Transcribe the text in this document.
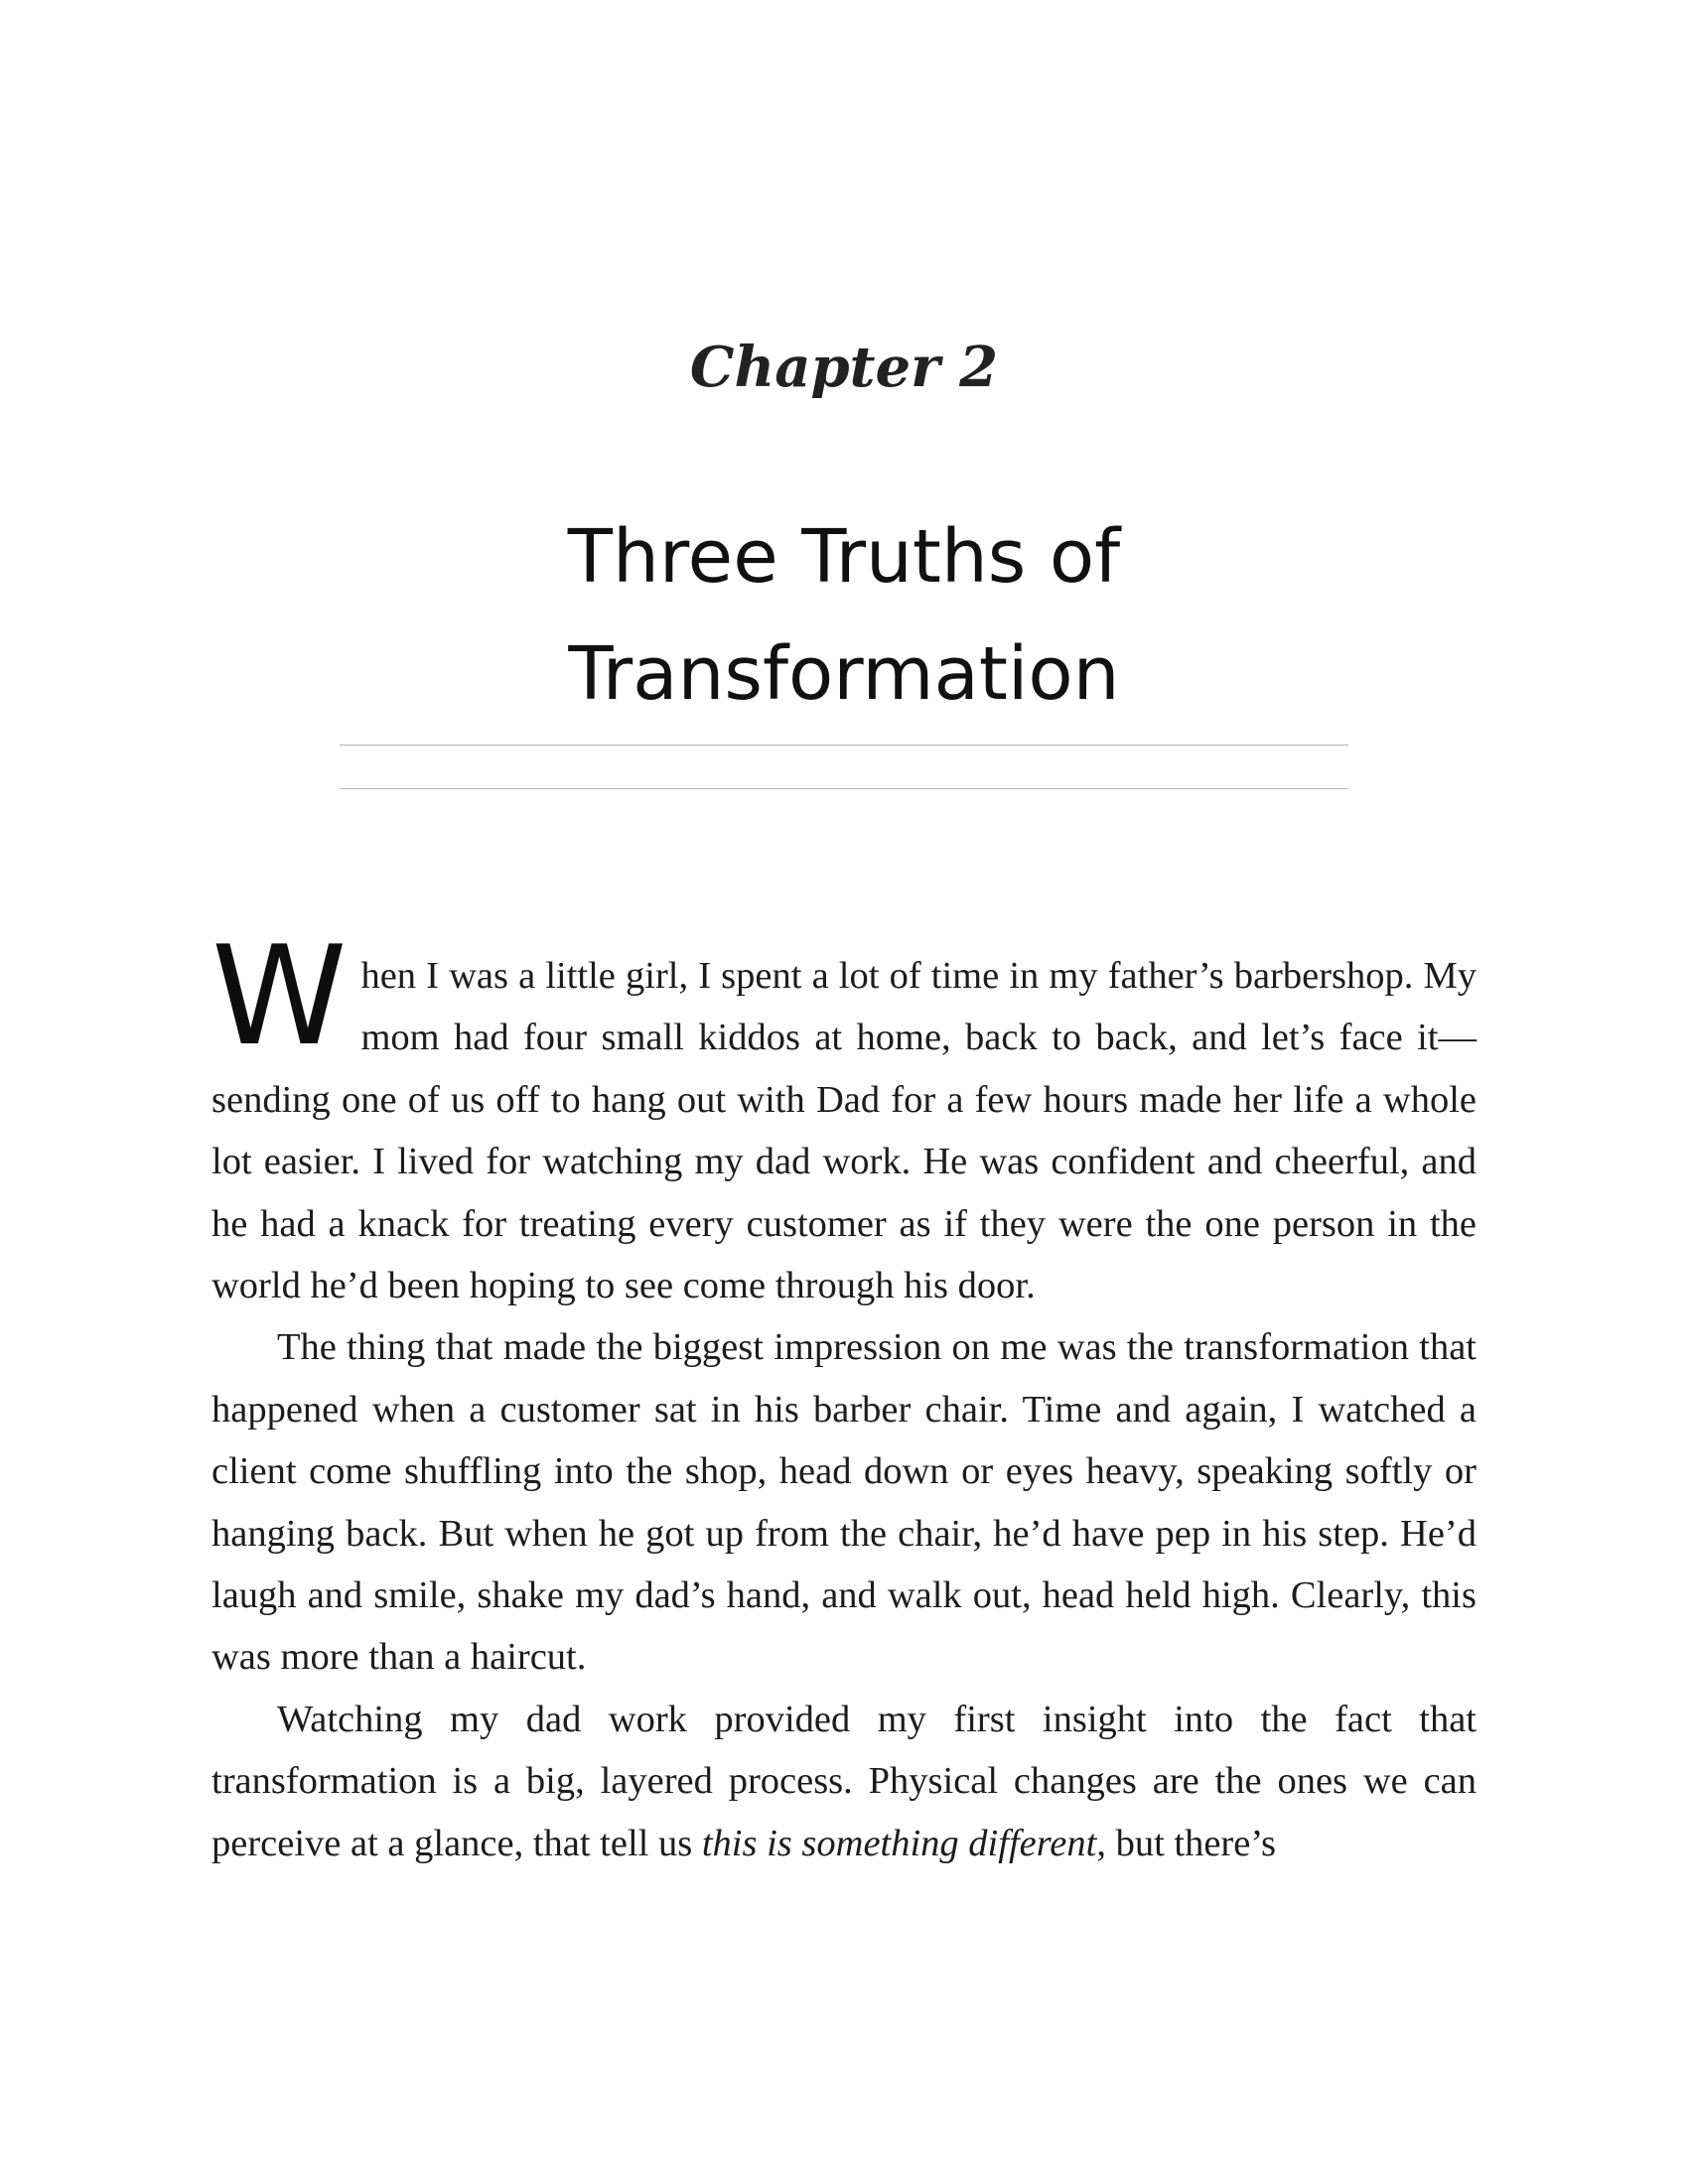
Chapter 2
Three Truths of
Transformation

When I was a little girl, I spent a lot of time in my father’s barbershop. My mom had four small kiddos at home, back to back, and let’s face it—sending one of us off to hang out with Dad for a few hours made her life a whole lot easier. I lived for watching my dad work. He was confident and cheerful, and he had a knack for treating every customer as if they were the one person in the world he’d been hoping to see come through his door.

The thing that made the biggest impression on me was the transformation that happened when a customer sat in his barber chair. Time and again, I watched a client come shuffling into the shop, head down or eyes heavy, speaking softly or hanging back. But when he got up from the chair, he’d have pep in his step. He’d laugh and smile, shake my dad’s hand, and walk out, head held high. Clearly, this was more than a haircut.

Watching my dad work provided my first insight into the fact that transformation is a big, layered process. Physical changes are the ones we can perceive at a glance, that tell us this is something different, but there’s
